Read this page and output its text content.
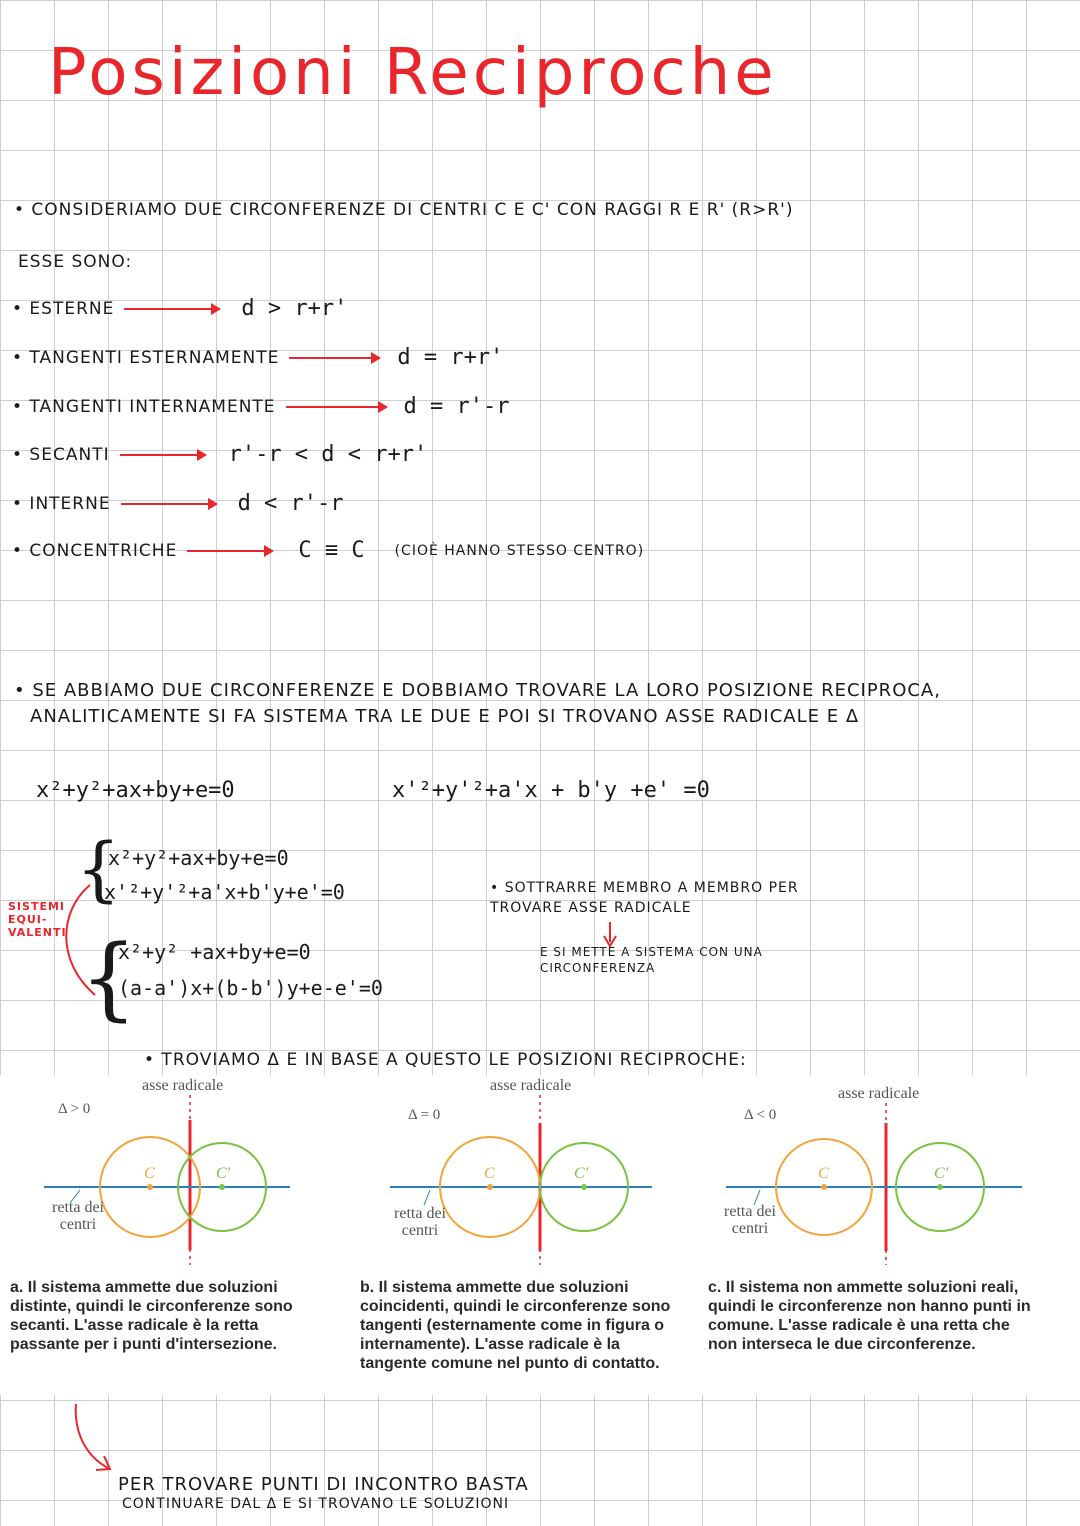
Posizioni Reciproche
• CONSIDERIAMO DUE CIRCONFERENZE DI CENTRI C E C' CON RAGGI R E R' (R>R')
ESSE SONO:
• ESTERNE	d > r+r'
• TANGENTI ESTERNAMENTE	d = r+r'
• TANGENTI INTERNAMENTE	d = r'-r
• SECANTI	r'-r < d < r+r'
• INTERNE	d < r'-r
• CONCENTRICHE	C ≡ C (CIOÈ HANNO STESSO CENTRO)
• SE ABBIAMO DUE CIRCONFERENZE E DOBBIAMO TROVARE LA LORO POSIZIONE RECIPROCA,
ANALITICAMENTE SI FA SISTEMA TRA LE DUE E POI SI TROVANO ASSE RADICALE E Δ
x²+y²+ax+by+e=0	x'²+y'²+a'x + b'y +e' =0
{
x²+y²+ax+by+e=0
x'²+y'²+a'x+b'y+e'=0
SISTEMI EQUI- VALENTI {
x²+y² +ax+by+e=0
(a-a')x+(b-b')y+e-e'=0
• SOTTRARRE MEMBRO A MEMBRO PER TROVARE ASSE RADICALE
E SI METTE A SISTEMA CON UNA CIRCONFERENZA
• TROVIAMO Δ E IN BASE A QUESTO LE POSIZIONI RECIPROCHE:
asse radicale
Δ > 0
C	C'
retta dei centri
a. Il sistema ammette due soluzioni distinte, quindi le circonferenze sono secanti. L'asse radicale è la retta passante per i punti d'intersezione.
asse radicale
Δ = 0
C	C'
retta dei centri
b. Il sistema ammette due soluzioni coincidenti, quindi le circonferenze sono tangenti (esternamente come in figura o internamente). L'asse radicale è la tangente comune nel punto di contatto.
asse radicale
Δ < 0
C	C'
retta dei centri
c. Il sistema non ammette soluzioni reali, quindi le circonferenze non hanno punti in comune. L'asse radicale è una retta che non interseca le due circonferenze.
PER TROVARE PUNTI DI INCONTRO BASTA
CONTINUARE DAL Δ E SI TROVANO LE SOLUZIONI
